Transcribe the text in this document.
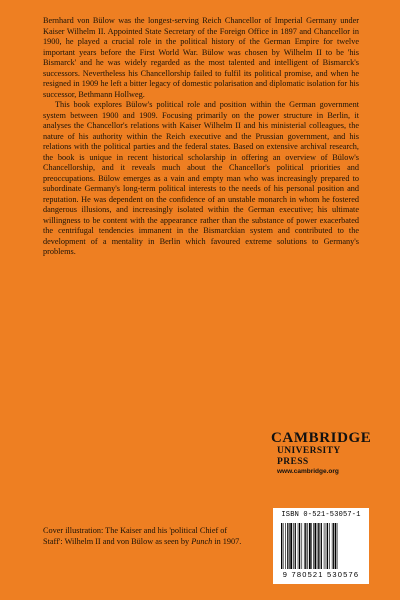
Bernhard von Bülow was the longest-serving Reich Chancellor of Imperial Germany under Kaiser Wilhelm II. Appointed State Secretary of the Foreign Office in 1897 and Chancellor in 1900, he played a crucial role in the political history of the German Empire for twelve important years before the First World War. Bülow was chosen by Wilhelm II to be 'his Bismarck' and he was widely regarded as the most talented and intelligent of Bismarck's successors. Nevertheless his Chancellorship failed to fulfil its political promise, and when he resigned in 1909 he left a bitter legacy of domestic polarisation and diplomatic isolation for his successor, Bethmann Hollweg.

This book explores Bülow's political role and position within the German government system between 1900 and 1909. Focusing primarily on the power structure in Berlin, it analyses the Chancellor's relations with Kaiser Wilhelm II and his ministerial colleagues, the nature of his authority within the Reich executive and the Prussian government, and his relations with the political parties and the federal states. Based on extensive archival research, the book is unique in recent historical scholarship in offering an overview of Bülow's Chancellorship, and it reveals much about the Chancellor's political priorities and preoccupations. Bülow emerges as a vain and empty man who was increasingly prepared to subordinate Germany's long-term political interests to the needs of his personal position and reputation. He was dependent on the confidence of an unstable monarch in whom he fostered dangerous illusions, and increasingly isolated within the German executive; his ultimate willingness to be content with the appearance rather than the substance of power exacerbated the centrifugal tendencies immanent in the Bismarckian system and contributed to the development of a mentality in Berlin which favoured extreme solutions to Germany's problems.

CAMBRIDGE
UNIVERSITY PRESS
www.cambridge.org
Cover illustration: The Kaiser and his 'political Chief of Staff': Wilhelm II and von Bülow as seen by Punch in 1907.
ISBN 0-521-53057-1
9 780521 530576
